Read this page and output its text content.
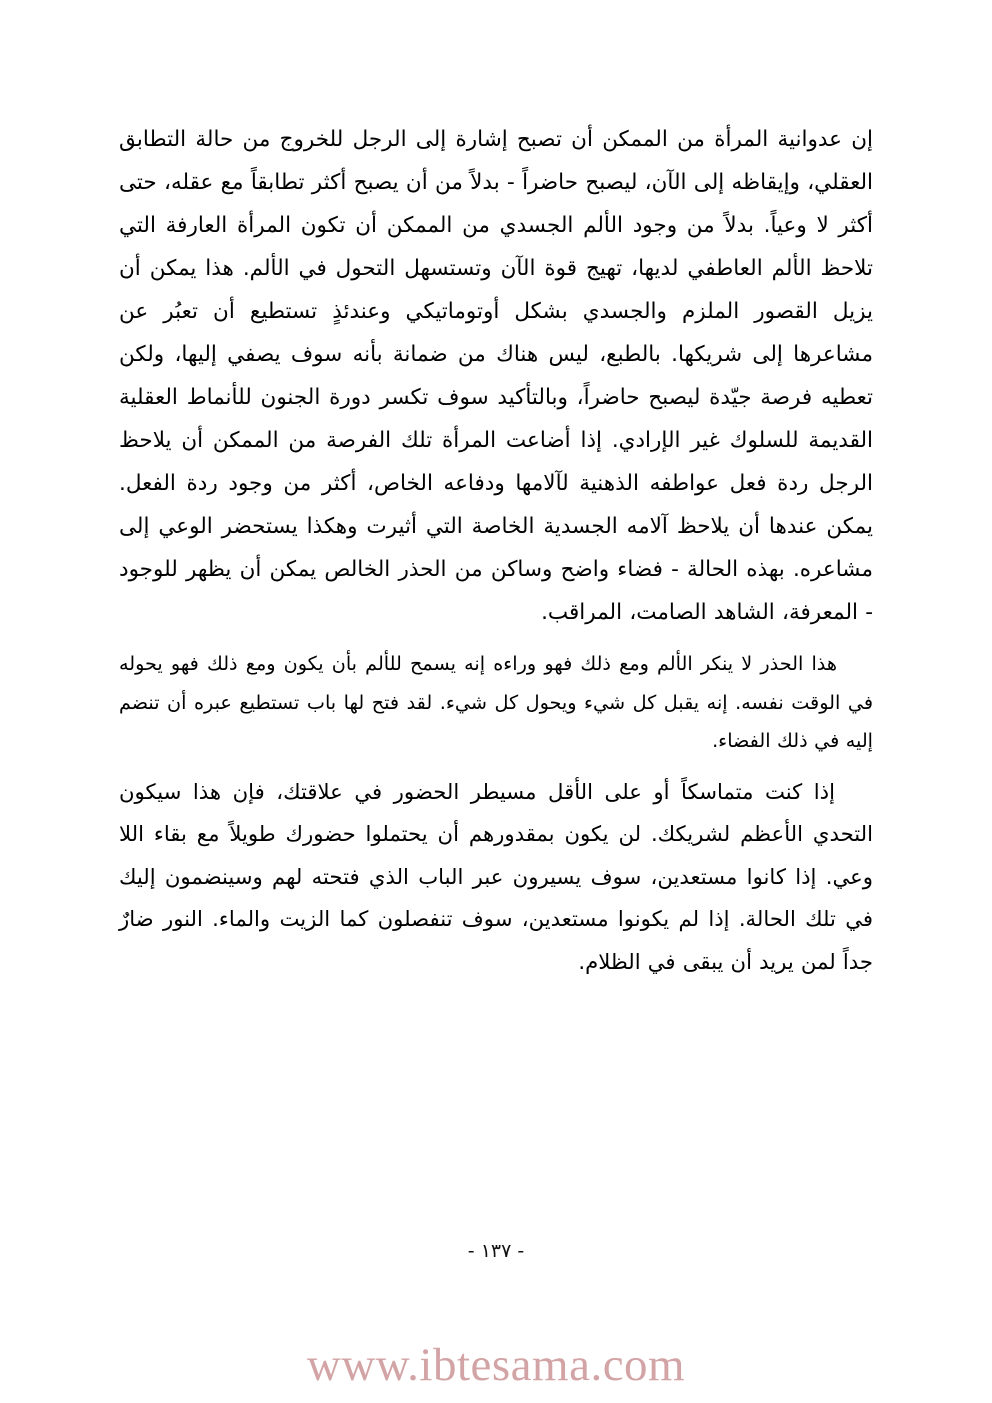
إن عدوانية المرأة من الممكن أن تصبح إشارة إلى الرجل للخروج من حالة التطابق العقلي، وإيقاظه إلى الآن، ليصبح حاضراً - بدلاً من أن يصبح أكثر تطابقاً مع عقله، حتى أكثر لا وعياً. بدلاً من وجود الألم الجسدي من الممكن أن تكون المرأة العارفة التي تلاحظ الألم العاطفي لديها، تهيج قوة الآن وتستسهل التحول في الألم. هذا يمكن أن يزيل القصور الملزم والجسدي بشكل أوتوماتيكي وعندئذٍ تستطيع أن تعبُر عن مشاعرها إلى شريكها. بالطبع، ليس هناك من ضمانة بأنه سوف يصفي إليها، ولكن تعطيه فرصة جيّدة ليصبح حاضراً، وبالتأكيد سوف تكسر دورة الجنون للأنماط العقلية القديمة للسلوك غير الإرادي. إذا أضاعت المرأة تلك الفرصة من الممكن أن يلاحظ الرجل ردة فعل عواطفه الذهنية لآلامها ودفاعه الخاص، أكثر من وجود ردة الفعل. يمكن عندها أن يلاحظ آلامه الجسدية الخاصة التي أثيرت وهكذا يستحضر الوعي إلى مشاعره. بهذه الحالة - فضاء واضح وساكن من الحذر الخالص يمكن أن يظهر للوجود - المعرفة، الشاهد الصامت، المراقب.

هذا الحذر لا ينكر الألم ومع ذلك فهو وراءه إنه يسمح للألم بأن يكون ومع ذلك فهو يحوله في الوقت نفسه. إنه يقبل كل شيء ويحول كل شيء. لقد فتح لها باب تستطيع عبره أن تنضم إليه في ذلك الفضاء.

إذا كنت متماسكاً أو على الأقل مسيطر الحضور في علاقتك، فإن هذا سيكون التحدي الأعظم لشريكك. لن يكون بمقدورهم أن يحتملوا حضورك طويلاً مع بقاء اللا وعي. إذا كانوا مستعدين، سوف يسيرون عبر الباب الذي فتحته لهم وسينضمون إليك في تلك الحالة. إذا لم يكونوا مستعدين، سوف تنفصلون كما الزيت والماء. النور ضارٌ جداً لمن يريد أن يبقى في الظلام.

- ١٣٧ -
www.ibtesama.com
